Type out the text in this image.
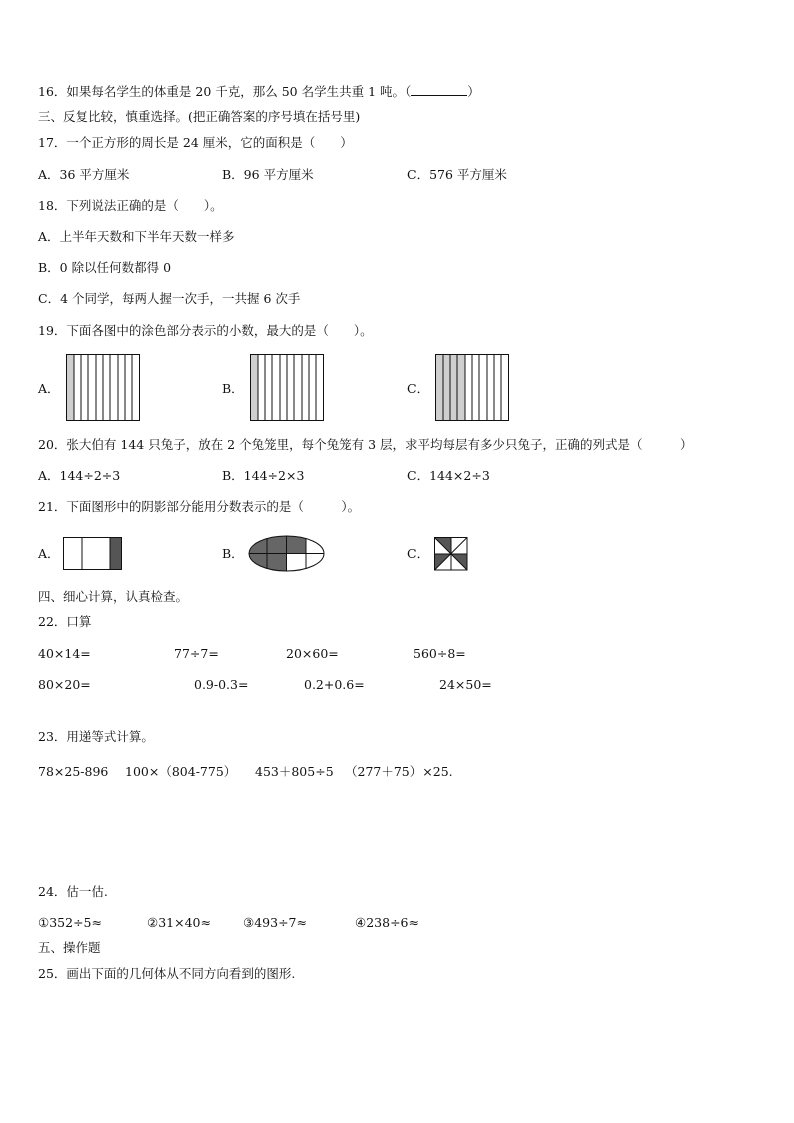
16．如果每名学生的体重是 20 千克，那么 50 名学生共重 1 吨。（	）
三、反复比较，慎重选择。(把正确答案的序号填在括号里)
17．一个正方形的周长是 24 厘米，它的面积是（　　）
A．36 平方厘米	B．96 平方厘米	C．576 平方厘米
18．下列说法正确的是（　　）。
A．上半年天数和下半年天数一样多
B．0 除以任何数都得 0
C．4 个同学，每两人握一次手，一共握 6 次手
19．下面各图中的涂色部分表示的小数，最大的是（　　）。
A．	B．	C．
20．张大伯有 144 只兔子，放在 2 个兔笼里，每个兔笼有 3 层，求平均每层有多少只兔子，正确的列式是（　　　）
A．144÷2÷3	B．144÷2×3	C．144×2÷3
21．下面图形中的阴影部分能用分数表示的是（　　　）。
A．	B．	C．
四、细心计算，认真检查。
22．口算
40×14=	77÷7=	20×60=	560÷8=
80×20=	0.9-0.3=	0.2+0.6=	24×50=
23．用递等式计算。
78×25-896 100×（804-775） 453＋805÷5 （277＋75）×25.
24．估一估.
①352÷5≈	②31×40≈	③493÷7≈	④238÷6≈
五、操作题
25．画出下面的几何体从不同方向看到的图形.
